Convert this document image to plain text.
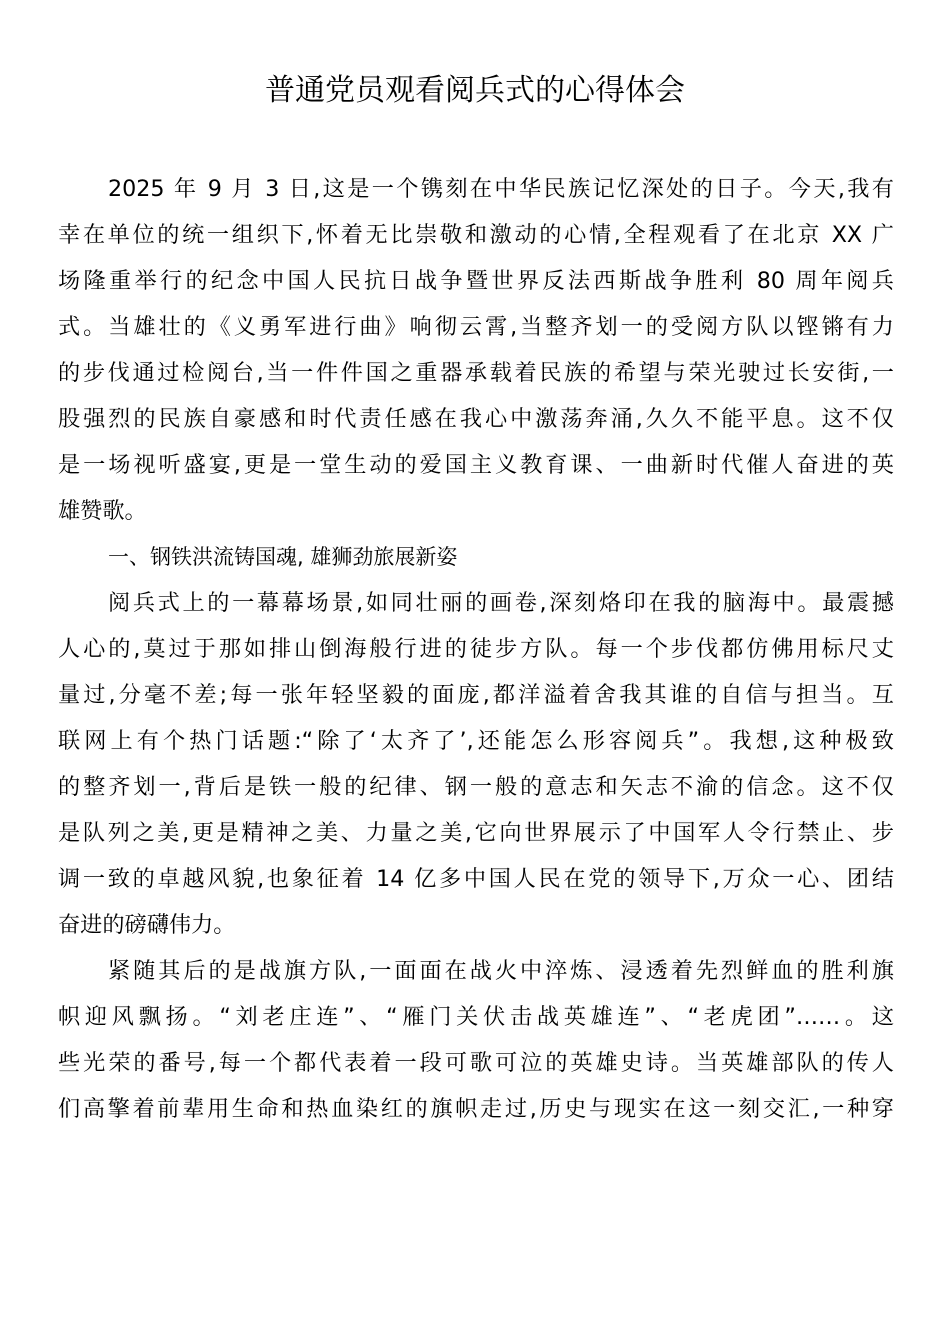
普通党员观看阅兵式的心得体会
2025 年 9 月 3 日,这是一个镌刻在中华民族记忆深处的日子。今天,我有
幸在单位的统一组织下,怀着无比崇敬和激动的心情,全程观看了在北京 XX 广
场隆重举行的纪念中国人民抗日战争暨世界反法西斯战争胜利 80 周年阅兵
式。当雄壮的《义勇军进行曲》响彻云霄,当整齐划一的受阅方队以铿锵有力
的步伐通过检阅台,当一件件国之重器承载着民族的希望与荣光驶过长安街,一
股强烈的民族自豪感和时代责任感在我心中激荡奔涌,久久不能平息。这不仅
是一场视听盛宴,更是一堂生动的爱国主义教育课、一曲新时代催人奋进的英
雄赞歌。
一、钢铁洪流铸国魂, 雄狮劲旅展新姿
阅兵式上的一幕幕场景,如同壮丽的画卷,深刻烙印在我的脑海中。最震撼
人心的,莫过于那如排山倒海般行进的徒步方队。每一个步伐都仿佛用标尺丈
量过,分毫不差;每一张年轻坚毅的面庞,都洋溢着舍我其谁的自信与担当。互
联网上有个热门话题:“除了‘太齐了’,还能怎么形容阅兵”。我想,这种极致
的整齐划一,背后是铁一般的纪律、钢一般的意志和矢志不渝的信念。这不仅
是队列之美,更是精神之美、力量之美,它向世界展示了中国军人令行禁止、步
调一致的卓越风貌,也象征着 14 亿多中国人民在党的领导下,万众一心、团结
奋进的磅礴伟力。
紧随其后的是战旗方队,一面面在战火中淬炼、浸透着先烈鲜血的胜利旗
帜迎风飘扬。“刘老庄连”、“雁门关伏击战英雄连”、“老虎团”……。这
些光荣的番号,每一个都代表着一段可歌可泣的英雄史诗。当英雄部队的传人
们高擎着前辈用生命和热血染红的旗帜走过,历史与现实在这一刻交汇,一种穿
